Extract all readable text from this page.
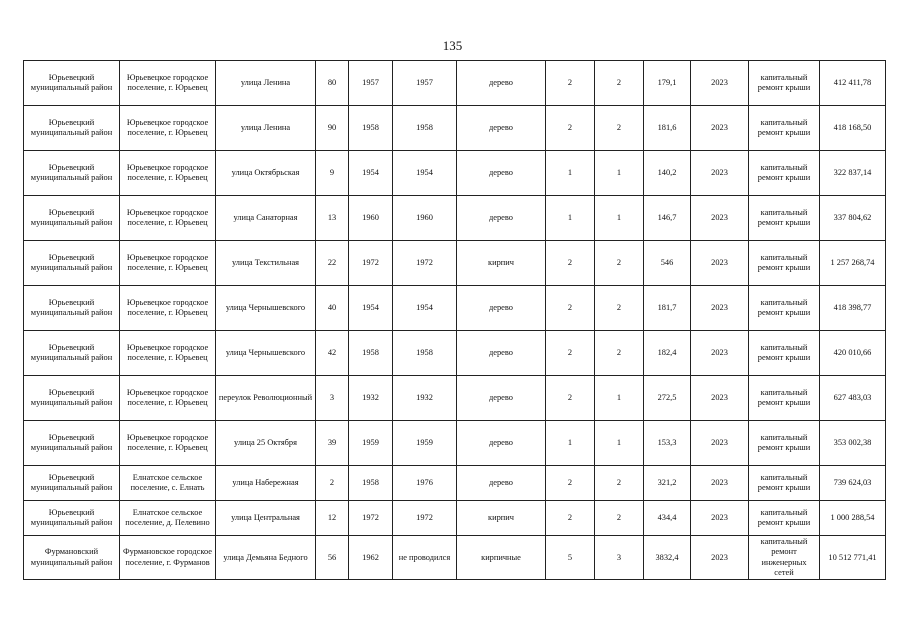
135
Юрьевецкий муниципальный район	Юрьевецкое городское поселение, г. Юрьевец	улица Ленина	80	1957	1957	дерево	2	2	179,1	2023	капитальный ремонт крыши	412 411,78
Юрьевецкий муниципальный район	Юрьевецкое городское поселение, г. Юрьевец	улица Ленина	90	1958	1958	дерево	2	2	181,6	2023	капитальный ремонт крыши	418 168,50
Юрьевецкий муниципальный район	Юрьевецкое городское поселение, г. Юрьевец	улица Октябрьская	9	1954	1954	дерево	1	1	140,2	2023	капитальный ремонт крыши	322 837,14
Юрьевецкий муниципальный район	Юрьевецкое городское поселение, г. Юрьевец	улица Санаторная	13	1960	1960	дерево	1	1	146,7	2023	капитальный ремонт крыши	337 804,62
Юрьевецкий муниципальный район	Юрьевецкое городское поселение, г. Юрьевец	улица Текстильная	22	1972	1972	кирпич	2	2	546	2023	капитальный ремонт крыши	1 257 268,74
Юрьевецкий муниципальный район	Юрьевецкое городское поселение, г. Юрьевец	улица Чернышевского	40	1954	1954	дерево	2	2	181,7	2023	капитальный ремонт крыши	418 398,77
Юрьевецкий муниципальный район	Юрьевецкое городское поселение, г. Юрьевец	улица Чернышевского	42	1958	1958	дерево	2	2	182,4	2023	капитальный ремонт крыши	420 010,66
Юрьевецкий муниципальный район	Юрьевецкое городское поселение, г. Юрьевец	переулок Революционный	3	1932	1932	дерево	2	1	272,5	2023	капитальный ремонт крыши	627 483,03
Юрьевецкий муниципальный район	Юрьевецкое городское поселение, г. Юрьевец	улица 25 Октября	39	1959	1959	дерево	1	1	153,3	2023	капитальный ремонт крыши	353 002,38
Юрьевецкий муниципальный район	Елнатское сельское поселение, с. Елнать	улица Набережная	2	1958	1976	дерево	2	2	321,2	2023	капитальный ремонт крыши	739 624,03
Юрьевецкий муниципальный район	Елнатское сельское поселение, д. Пелевино	улица Центральная	12	1972	1972	кирпич	2	2	434,4	2023	капитальный ремонт крыши	1 000 288,54
Фурмановский муниципальный район	Фурмановское городское поселение, г. Фурманов	улица Демьяна Бедного	56	1962	не проводился	кирпичные	5	3	3832,4	2023	капитальный ремонт инженерных сетей	10 512 771,41
